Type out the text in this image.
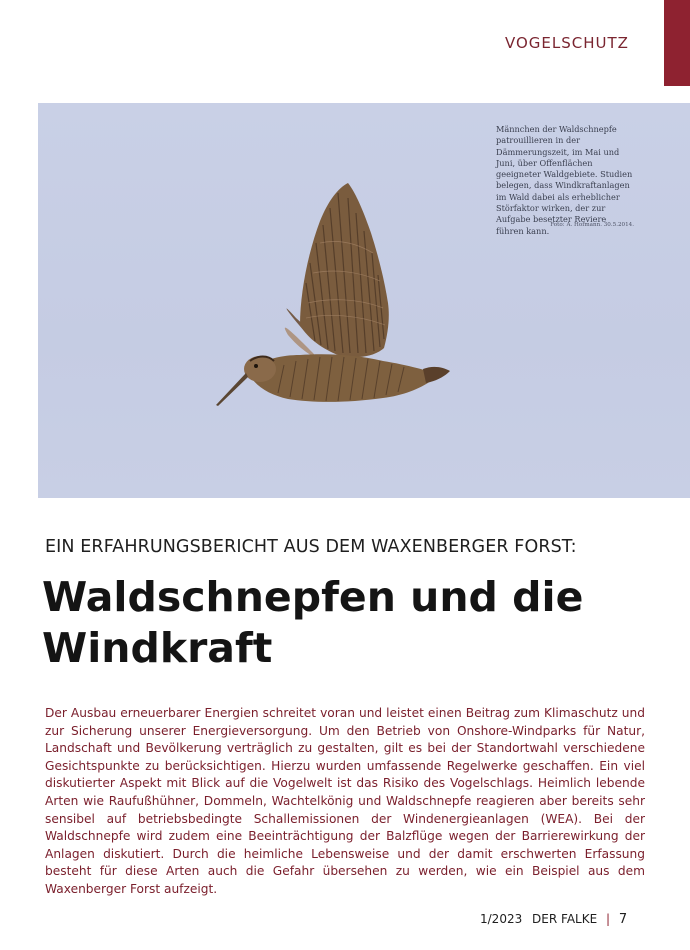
VOGELSCHUTZ
Männchen der Waldschnepfe patrouillieren in der Dämmerungszeit, im Mai und Juni, über Offenflächen geeigneter Waldgebiete. Studien belegen, dass Windkraftanlagen im Wald dabei als erheblicher Störfaktor wirken, der zur Aufgabe besetzter Reviere führen kann.
Foto: A. Hofmann. 30.5.2014.
EIN ERFAHRUNGSBERICHT AUS DEM WAXENBERGER FORST:
Waldschnepfen und die Windkraft

Der Ausbau erneuerbarer Energien schreitet voran und leistet einen Beitrag zum Klimaschutz und zur Sicherung unserer Energieversorgung. Um den Betrieb von Onshore-Windparks für Natur, Landschaft und Bevölkerung verträglich zu gestalten, gilt es bei der Standortwahl verschiedene Gesichtspunkte zu berücksichtigen. Hierzu wurden umfassende Regelwerke geschaffen. Ein viel diskutierter Aspekt mit Blick auf die Vogelwelt ist das Risiko des Vogelschlags. Heimlich lebende Arten wie Raufußhühner, Dommeln, Wachtelkönig und Waldschnepfe reagieren aber bereits sehr sensibel auf betriebsbedingte Schallemissionen der Windenergieanlagen (WEA). Bei der Waldschnepfe wird zudem eine Beeinträchtigung der Balzflüge wegen der Barrierewirkung der Anlagen diskutiert. Durch die heimliche Lebensweise und der damit erschwerten Erfassung besteht für diese Arten auch die Gefahr übersehen zu werden, wie ein Beispiel aus dem Waxenberger Forst aufzeigt.

1/2023 DER FALKE | 7
